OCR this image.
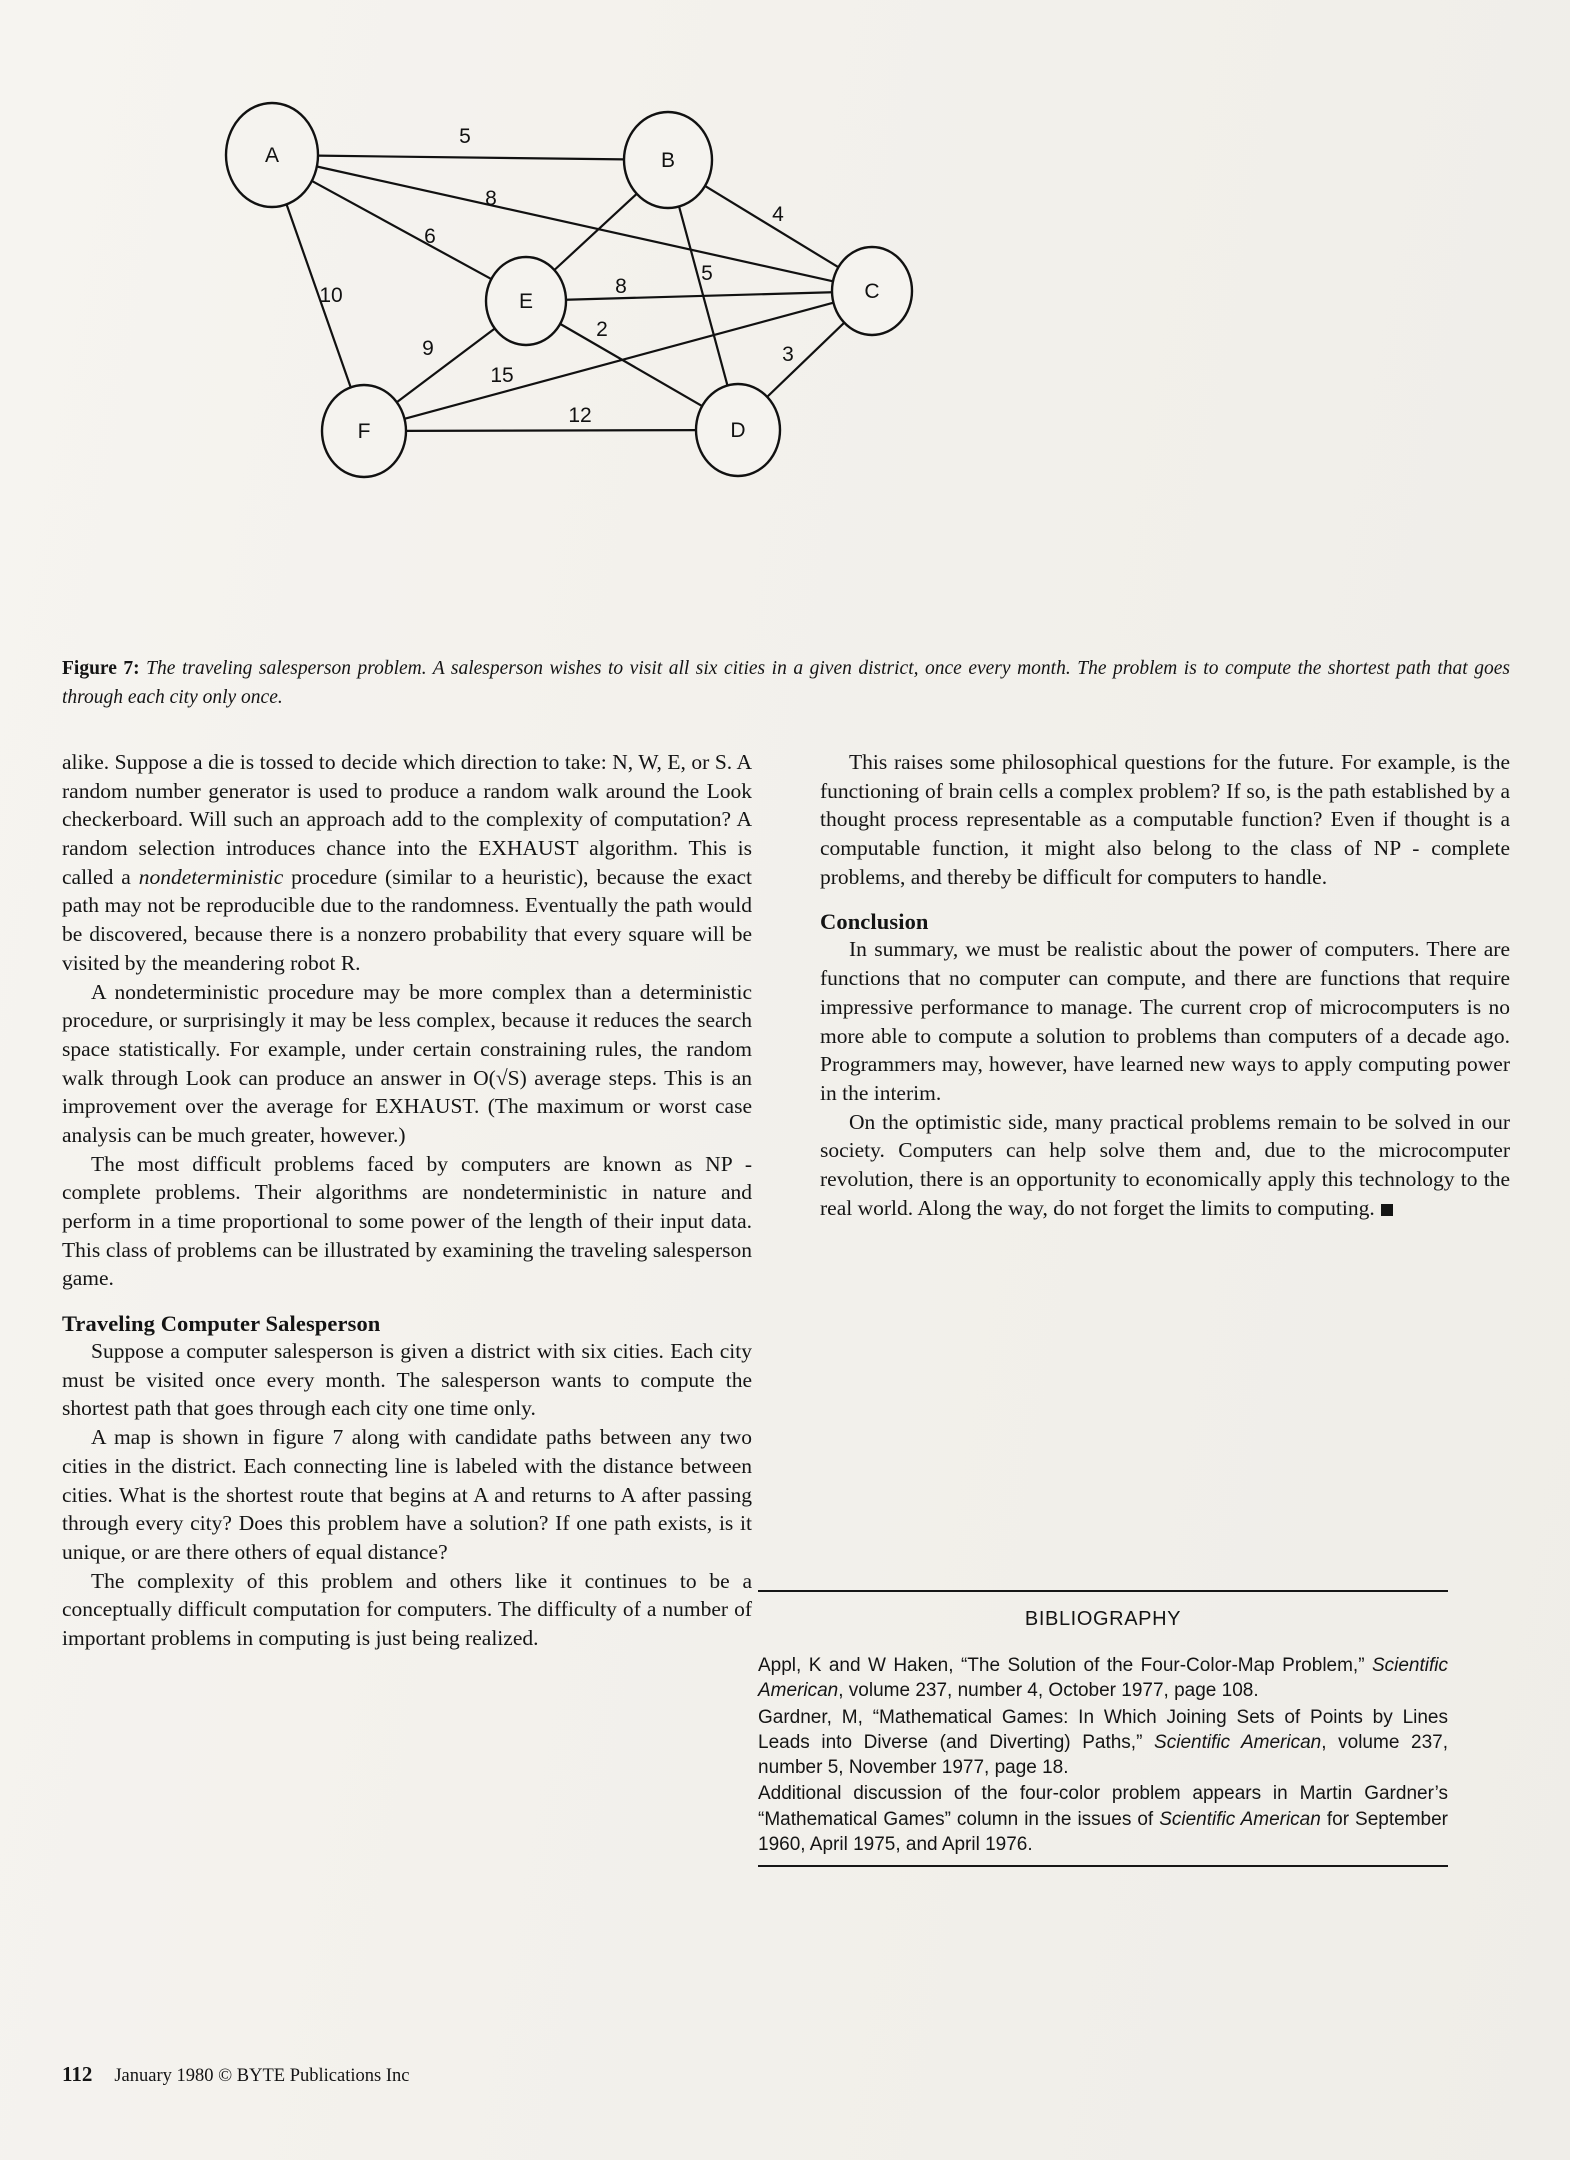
5
8
6
10
4
5
8
2
9
15
12
3
A	B
C
D
E
F
Figure 7: The traveling salesperson problem. A salesperson wishes to visit all six cities in a given district, once every month. The problem is to compute the shortest path that goes through each city only once.

alike. Suppose a die is tossed to decide which direction to take: N, W, E, or S. A random number generator is used to produce a random walk around the Look checkerboard. Will such an approach add to the complexity of computation? A random selection introduces chance into the EXHAUST algorithm. This is called a nondeterministic procedure (similar to a heuristic), because the exact path may not be reproducible due to the randomness. Eventually the path would be discovered, because there is a nonzero probability that every square will be visited by the meandering robot R.

A nondeterministic procedure may be more complex than a deterministic procedure, or surprisingly it may be less complex, because it reduces the search space statistically. For example, under certain constraining rules, the random walk through Look can produce an answer in O(√S) average steps. This is an improvement over the average for EXHAUST. (The maximum or worst case analysis can be much greater, however.)

The most difficult problems faced by computers are known as NP - complete problems. Their algorithms are nondeterministic in nature and perform in a time proportional to some power of the length of their input data. This class of problems can be illustrated by examining the traveling salesperson game.

Traveling Computer Salesperson

Suppose a computer salesperson is given a district with six cities. Each city must be visited once every month. The salesperson wants to compute the shortest path that goes through each city one time only.

A map is shown in figure 7 along with candidate paths between any two cities in the district. Each connecting line is labeled with the distance between cities. What is the shortest route that begins at A and returns to A after passing through every city? Does this problem have a solution? If one path exists, is it unique, or are there others of equal distance?

The complexity of this problem and others like it continues to be a conceptually difficult computation for computers. The difficulty of a number of important problems in computing is just being realized.

This raises some philosophical questions for the future. For example, is the functioning of brain cells a complex problem? If so, is the path established by a thought process representable as a computable function? Even if thought is a computable function, it might also belong to the class of NP - complete problems, and thereby be difficult for computers to handle.

Conclusion

In summary, we must be realistic about the power of computers. There are functions that no computer can compute, and there are functions that require impressive performance to manage. The current crop of microcomputers is no more able to compute a solution to problems than computers of a decade ago. Programmers may, however, have learned new ways to apply computing power in the interim.

On the optimistic side, many practical problems remain to be solved in our society. Computers can help solve them and, due to the microcomputer revolution, there is an opportunity to economically apply this technology to the real world. Along the way, do not forget the limits to computing.

BIBLIOGRAPHY

Appl, K and W Haken, “The Solution of the Four-Color-Map Problem,” Scientific American, volume 237, number 4, October 1977, page 108.

Gardner, M, “Mathematical Games: In Which Joining Sets of Points by Lines Leads into Diverse (and Diverting) Paths,” Scientific American, volume 237, number 5, November 1977, page 18.

Additional discussion of the four-color problem appears in Martin Gardner’s “Mathematical Games” column in the issues of Scientific American for September 1960, April 1975, and April 1976.

112 January 1980 © BYTE Publications Inc
